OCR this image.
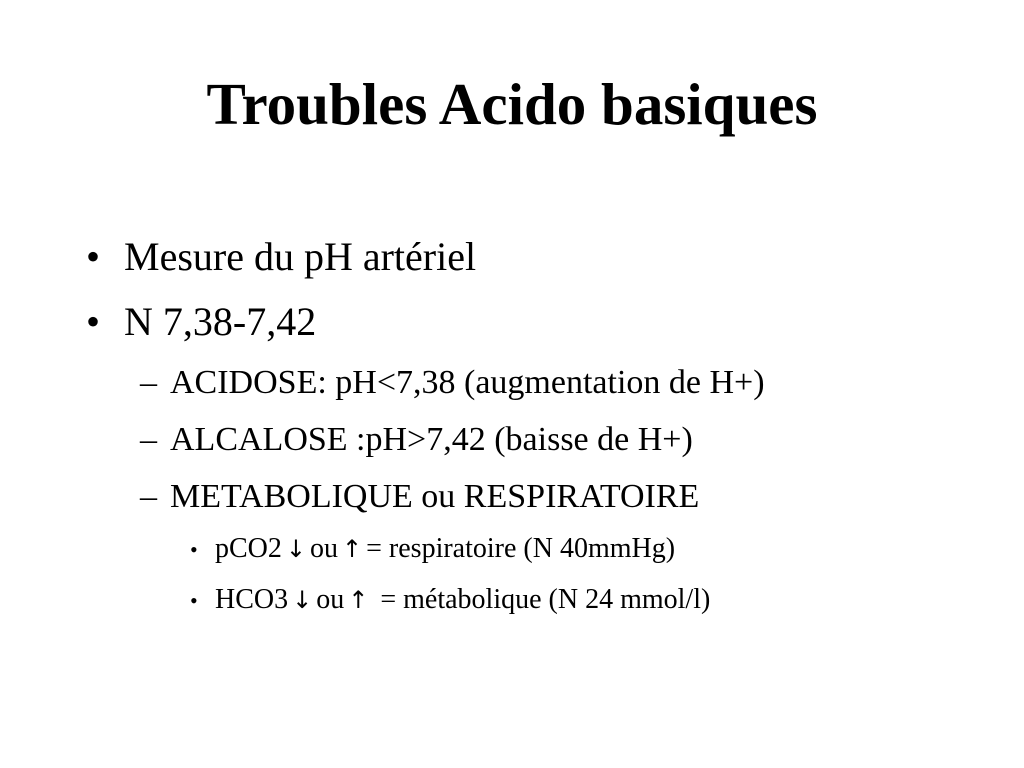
Troubles Acido basiques
• Mesure du pH artériel
• N 7,38-7,42
– ACIDOSE: pH<7,38 (augmentation de H+)
– ALCALOSE :pH>7,42 (baisse de H+)
– METABOLIQUE ou RESPIRATOIRE
• pCO2 ↓ ou ↑ = respiratoire (N 40mmHg)
• HCO3 ↓ ou ↑ = métabolique (N 24 mmol/l)
